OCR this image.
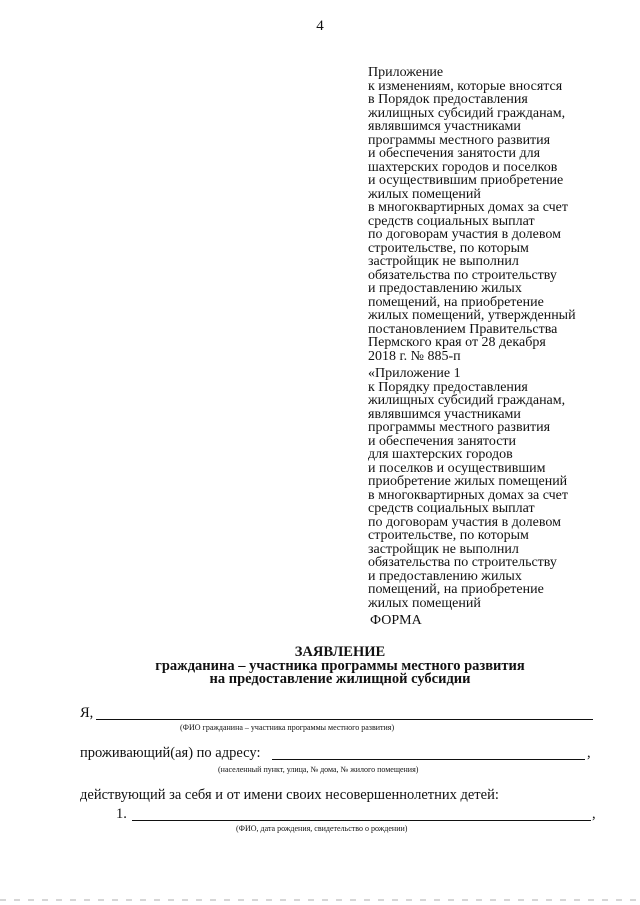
4
Приложение
к изменениям, которые вносятся
в Порядок предоставления
жилищных субсидий гражданам,
являвшимся участниками
программы местного развития
и обеспечения занятости для
шахтерских городов и поселков
и осуществившим приобретение
жилых помещений
в многоквартирных домах за счет
средств социальных выплат
по договорам участия в долевом
строительстве, по которым
застройщик не выполнил
обязательства по строительству
и предоставлению жилых
помещений, на приобретение
жилых помещений, утвержденный
постановлением Правительства
Пермского края от 28 декабря
2018 г. № 885-п
«Приложение 1
к Порядку предоставления
жилищных субсидий гражданам,
являвшимся участниками
программы местного развития
и обеспечения занятости
для шахтерских городов
и поселков и осуществившим
приобретение жилых помещений
в многоквартирных домах за счет
средств социальных выплат
по договорам участия в долевом
строительстве, по которым
застройщик не выполнил
обязательства по строительству
и предоставлению жилых
помещений, на приобретение
жилых помещений
ФОРМА
ЗАЯВЛЕНИЕ
гражданина – участника программы местного развития
на предоставление жилищной субсидии
Я,
(ФИО гражданина – участника программы местного развития)
проживающий(ая) по адресу:	,
(населенный пункт, улица, № дома, № жилого помещения)
действующий за себя и от имени своих несовершеннолетних детей:
1.	,
(ФИО, дата рождения, свидетельство о рождении)
